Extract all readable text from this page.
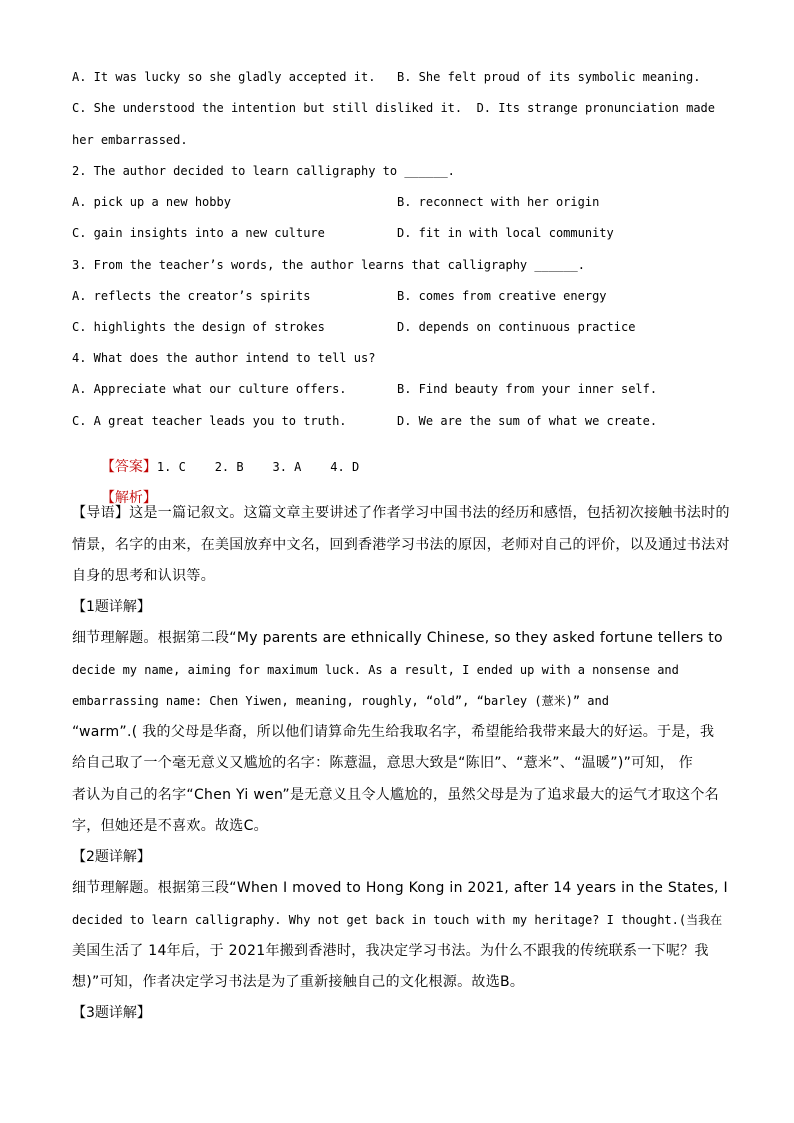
A. It was lucky so she gladly accepted it. B. She felt proud of its symbolic meaning.
C. She understood the intention but still disliked it.  D. Its strange pronunciation made
her embarrassed.
2. The author decided to learn calligraphy to ______.
A. pick up a new hobby	B. reconnect with her origin
C. gain insights into a new culture	D. fit in with local community
3. From the teacher’s words, the author learns that calligraphy ______.
A. reflects the creator’s spirits	B. comes from creative energy
C. highlights the design of strokes	D. depends on continuous practice
4. What does the author intend to tell us?
A. Appreciate what our culture offers.	B. Find beauty from your inner self.
C. A great teacher leads you to truth.	D. We are the sum of what we create.

【答案】1. C    2. B    3. A    4. D

【解析】

【导语】这是一篇记叙文。这篇文章主要讲述了作者学习中国书法的经历和感悟，包括初次接触书法时的
情景，名字的由来，在美国放弃中文名，回到香港学习书法的原因，老师对自己的评价，以及通过书法对
自身的思考和认识等。
【1题详解】
细节理解题。根据第二段“My parents are ethnically Chinese, so they asked fortune tellers to
decide my name, aiming for maximum luck. As a result, I ended up with a nonsense and
embarrassing name: Chen Yiwen, meaning, roughly, “old”, “barley (薏米)” and
“warm”.( 我的父母是华裔，所以他们请算命先生给我取名字，希望能给我带来最大的好运。于是，我
给自己取了一个毫无意义又尴尬的名字：陈薏温，意思大致是“陈旧”、“薏米”、“温暖”)”可知， 作
者认为自己的名字“Chen Yi wen”是无意义且令人尴尬的，虽然父母是为了追求最大的运气才取这个名
字，但她还是不喜欢。故选C。
【2题详解】
细节理解题。根据第三段“When I moved to Hong Kong in 2021, after 14 years in the States, I
decided to learn calligraphy. Why not get back in touch with my heritage? I thought.(当我在
美国生活了 14年后，于 2021年搬到香港时，我决定学习书法。为什么不跟我的传统联系一下呢？我
想)”可知，作者决定学习书法是为了重新接触自己的文化根源。故选B。
【3题详解】
